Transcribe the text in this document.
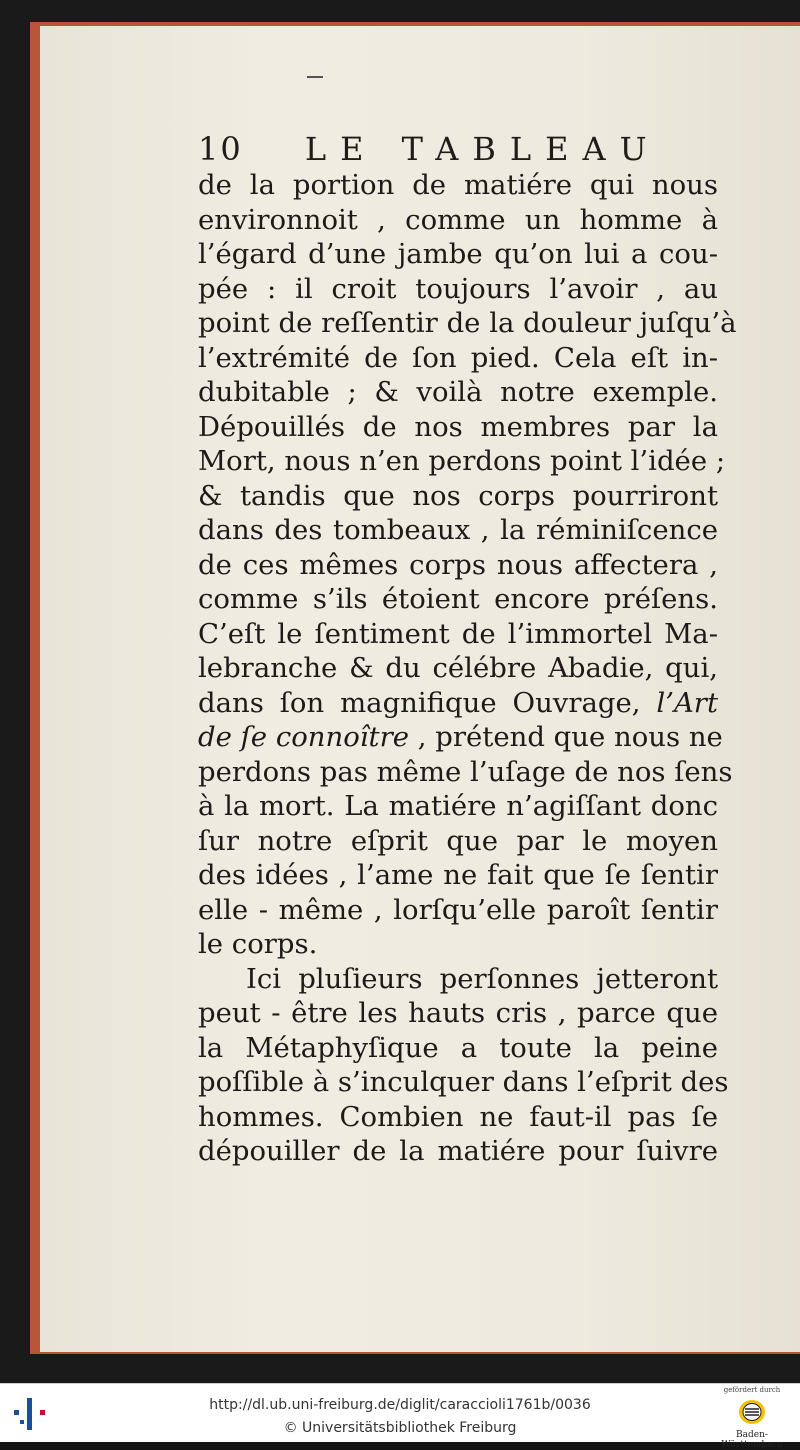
10 LE TABLEAU
de la portion de matiére qui nous
environnoit , comme un homme à
l’égard d’une jambe qu’on lui a cou-
pée : il croit toujours l’avoir , au
point de reſſentir de la douleur juſqu’à
l’extrémité de ſon pied. Cela eſt in-
dubitable ; & voilà notre exemple.
Dépouillés de nos membres par la
Mort, nous n’en perdons point l’idée ;
& tandis que nos corps pourriront
dans des tombeaux , la réminiſcence
de ces mêmes corps nous affectera ,
comme s’ils étoient encore préſens.
C’eſt le ſentiment de l’immortel Ma-
lebranche & du célébre Abadie, qui,
dans ſon magnifique Ouvrage, l’Art
de ſe connoître , prétend que nous ne
perdons pas même l’uſage de nos ſens
à la mort. La matiére n’agiſſant donc
ſur notre eſprit que par le moyen
des idées , l’ame ne fait que ſe ſentir
elle - même , lorſqu’elle paroît ſentir
le corps.
Ici pluſieurs perſonnes jetteront
peut - être les hauts cris , parce que
la Métaphyſique a toute la peine
poſſible à s’inculquer dans l’eſprit des
hommes. Combien ne faut-il pas ſe
dépouiller de la matiére pour ſuivre
http://dl.ub.uni-freiburg.de/diglit/caraccioli1761b/0036
© Universitätsbibliothek Freiburg
gefördert durch
Baden-Württemberg
